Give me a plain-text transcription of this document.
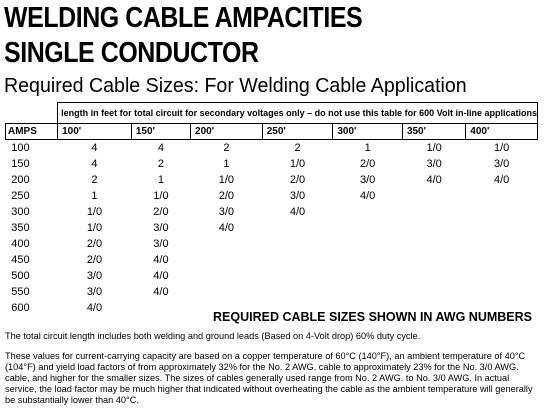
WELDING CABLE AMPACITIES
SINGLE CONDUCTOR
Required Cable Sizes: For Welding Cable Application
	length in feet for total circuit for secondary voltages only – do not use this table for 600 Volt in-line applications						
AMPS	100'	150'	200'	250'	300'	350'	400'
100	4	4	2	2	1	1/0	1/0
150	4	2	1	1/0	2/0	3/0	3/0
200	2	1	1/0	2/0	3/0	4/0	4/0
250	1	1/0	2/0	3/0	4/0		
300	1/0	2/0	3/0	4/0			
350	1/0	3/0	4/0				
400	2/0	3/0					
450	2/0	4/0					
500	3/0	4/0					
550	3/0	4/0					
600	4/0						
REQUIRED CABLE SIZES SHOWN IN AWG NUMBERS
The total circuit length includes both welding and ground leads (Based on 4-Volt drop) 60% duty cycle.
These values for current-carrying capacity are based on a copper temperature of 60°C (140°F), an ambient temperature of 40°C (104°F) and yield load factors of from approximately 32% for the No. 2 AWG. cable to approximately 23% for the No. 3/0 AWG. cable, and higher for the smaller sizes. The sizes of cables generally used range from No. 2 AWG. to No. 3/0 AWG. In actual service, the load factor may be much higher that indicated without overheating the cable as the ambient temperature will generally be substantially lower than 40°C.
